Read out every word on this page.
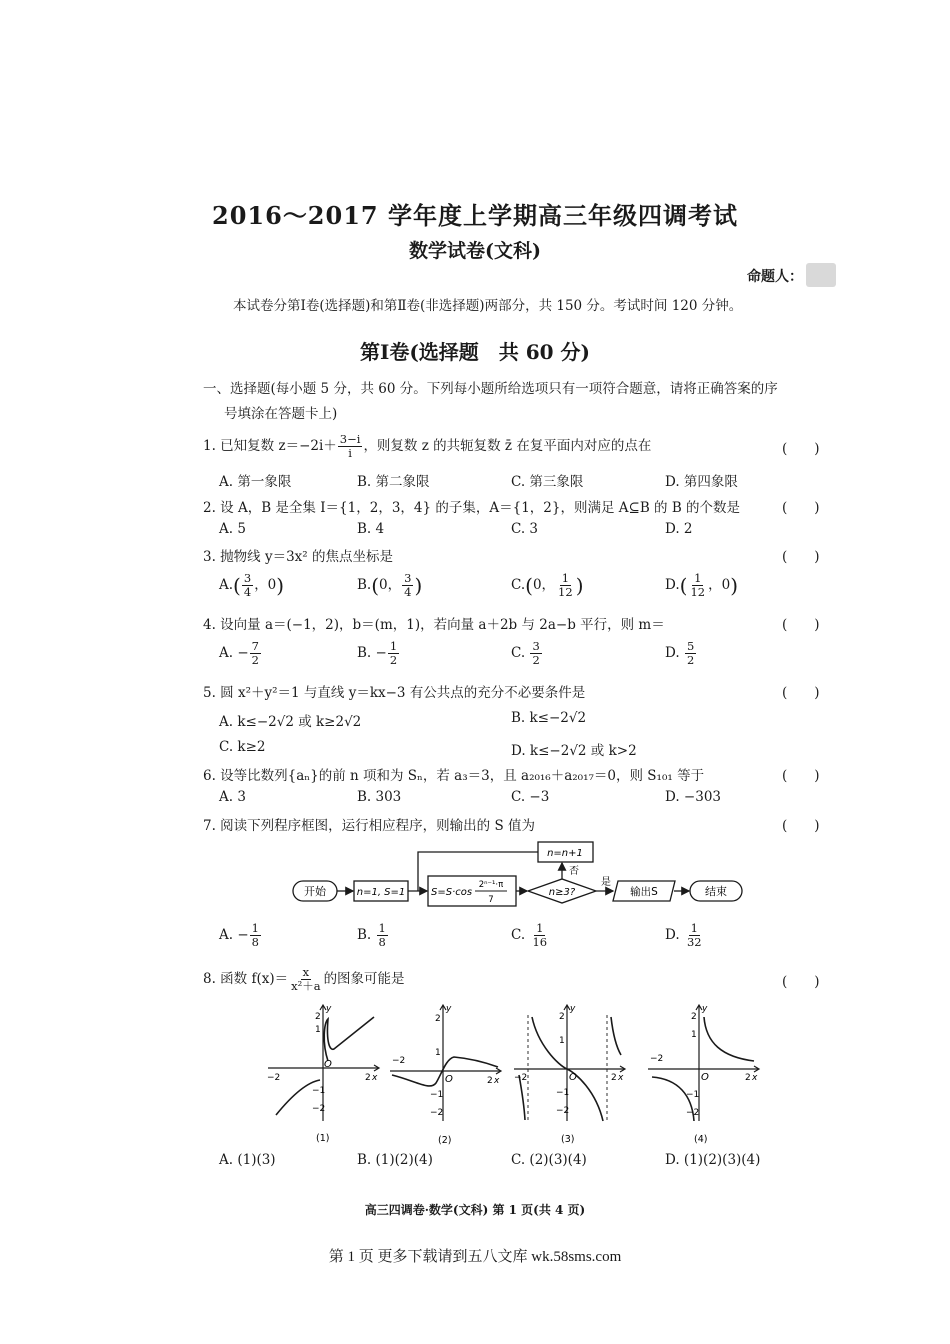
2016～2017 学年度上学期高三年级四调考试
数学试卷(文科)
命题人：
本试卷分第Ⅰ卷(选择题)和第Ⅱ卷(非选择题)两部分，共 150 分。考试时间 120 分钟。
第Ⅰ卷(选择题　共 60 分)
一、选择题(每小题 5 分，共 60 分。下列每小题所给选项只有一项符合题意，请将正确答案的序
号填涂在答题卡上)
1. 已知复数 $z=-2i+ \frac{3-i}{i}$ ，则复数 z 的共轭复数 z̄ 在复平面内对应的点在	(　　)
A. 第一象限	B. 第二象限	C. 第三象限	D. 第四象限
2. 设 A，B 是全集 I＝{1，2，3，4} 的子集，A＝{1，2}，则满足 A⊆B 的 B 的个数是	(　　)
A. 5	B. 4	C. 3	D. 2
3. 抛物线 y＝3x² 的焦点坐标是	(　　)
$A.( \frac{3}{4}$ ，0)	B.(0， $\frac{3}{4}$ )	C.(0， $\frac{1}{12}$ )	$D.( \frac{1}{12}$ ，0)
4. 设向量 a＝(−1，2)，b＝(m，1)，若向量 a＋2b 与 2a−b 平行，则 m＝	(　　)
A. − $\frac{7}{2}$	B. − $\frac{1}{2}$	C. $\frac{3}{2}$	D. $\frac{5}{2}$
5. 圆 x²＋y²＝1 与直线 y＝kx−3 有公共点的充分不必要条件是	(　　)
A. k≤−2√2 或 k≥2√2	B. k≤−2√2
C. k≥2	D. k≤−2√2 或 k>2
6. 设等比数列{aₙ}的前 n 项和为 Sₙ，若 a₃＝3，且 a₂₀₁₆＋a₂₀₁₇＝0，则 S₁₀₁ 等于	(　　)
A. 3	B. 303	C. −3	D. −303
7. 阅读下列程序框图，运行相应程序，则输出的 S 值为	(　　)
开始	n=1, S=1	S=S·cos
2ⁿ⁻¹·π
7
n≥3?
否
是
n=n+1
输出S	结束
A. − $\frac{1}{8}$	B. $\frac{1}{8}$	C. $\frac{1}{16}$	D. $\frac{1}{32}$
8. 函数 $f(x)= \frac{x}{\text{x²＋a}}$ 的图象可能是	(　　)
y
2
1
−1
−2
−2	2 x
O
(1)
y
2
1
−1
−2
−2
2 x
O
(2)
y
2
1
−1
−2
−2	2 x
O
(3)
y
2
1
−1
−2
−2
2 x
O
(4)
A. (1)(3)	B. (1)(2)(4)	C. (2)(3)(4)	D. (1)(2)(3)(4)
高三四调卷·数学(文科) 第 1 页(共 4 页)
第 1 页 更多下载请到五八文库 wk.58sms.com
